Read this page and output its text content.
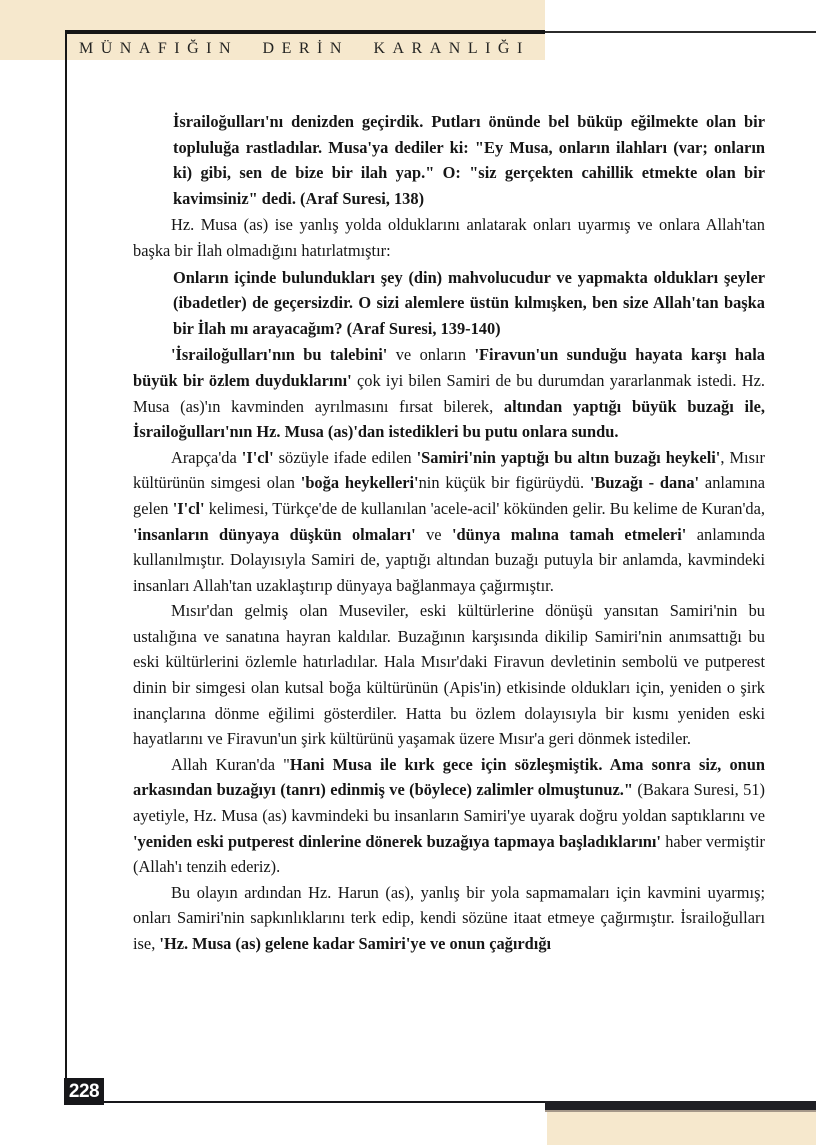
MÜNAFIĞIN DERİN KARANLIĞI
228

İsrailoğulları'nı denizden geçirdik. Putları önünde bel büküp eğilmekte olan bir topluluğa rastladılar. Musa'ya dediler ki: "Ey Musa, onların ilahları (var; onların ki) gibi, sen de bize bir ilah yap." O: "siz gerçekten cahillik etmekte olan bir kavimsiniz" dedi. (Araf Suresi, 138)

Hz. Musa (as) ise yanlış yolda olduklarını anlatarak onları uyarmış ve onlara Allah'tan başka bir İlah olmadığını hatırlatmıştır:

Onların içinde bulundukları şey (din) mahvolucudur ve yapmakta oldukları şeyler (ibadetler) de geçersizdir. O sizi alemlere üstün kılmışken, ben size Allah'tan başka bir İlah mı arayacağım? (Araf Suresi, 139-140)

'İsrailoğulları'nın bu talebini' ve onların 'Firavun'un sunduğu hayata karşı hala büyük bir özlem duyduklarını' çok iyi bilen Samiri de bu durumdan yararlanmak istedi. Hz. Musa (as)'ın kavminden ayrılmasını fırsat bilerek, altından yaptığı büyük buzağı ile, İsrailoğulları'nın Hz. Musa (as)'dan istedikleri bu putu onlara sundu.

Arapça'da 'I'cl' sözüyle ifade edilen 'Samiri'nin yaptığı bu altın buzağı heykeli', Mısır kültürünün simgesi olan 'boğa heykelleri'nin küçük bir figürüydü. 'Buzağı - dana' anlamına gelen 'I'cl' kelimesi, Türkçe'de de kullanılan 'acele-acil' kökünden gelir. Bu kelime de Kuran'da, 'insanların dünyaya düşkün olmaları' ve 'dünya malına tamah etmeleri' anlamında kullanılmıştır. Dolayısıyla Samiri de, yaptığı altından buzağı putuyla bir anlamda, kavmindeki insanları Allah'tan uzaklaştırıp dünyaya bağlanmaya çağırmıştır.

Mısır'dan gelmiş olan Museviler, eski kültürlerine dönüşü yansıtan Samiri'nin bu ustalığına ve sanatına hayran kaldılar. Buzağının karşısında dikilip Samiri'nin anımsattığı bu eski kültürlerini özlemle hatırladılar. Hala Mısır'daki Firavun devletinin sembolü ve putperest dinin bir simgesi olan kutsal boğa kültürünün (Apis'in) etkisinde oldukları için, yeniden o şirk inançlarına dönme eğilimi gösterdiler. Hatta bu özlem dolayısıyla bir kısmı yeniden eski hayatlarını ve Firavun'un şirk kültürünü yaşamak üzere Mısır'a geri dönmek istediler.

Allah Kuran'da "Hani Musa ile kırk gece için sözleşmiştik. Ama sonra siz, onun arkasından buzağıyı (tanrı) edinmiş ve (böylece) zalimler olmuştunuz." (Bakara Suresi, 51) ayetiyle, Hz. Musa (as) kavmindeki bu insanların Samiri'ye uyarak doğru yoldan saptıklarını ve 'yeniden eski putperest dinlerine dönerek buzağıya tapmaya başladıklarını' haber vermiştir (Allah'ı tenzih ederiz).

Bu olayın ardından Hz. Harun (as), yanlış bir yola sapmamaları için kavmini uyarmış; onları Samiri'nin sapkınlıklarını terk edip, kendi sözüne itaat etmeye çağırmıştır. İsrailoğulları ise, 'Hz. Musa (as) gelene kadar Samiri'ye ve onun çağırdığı
